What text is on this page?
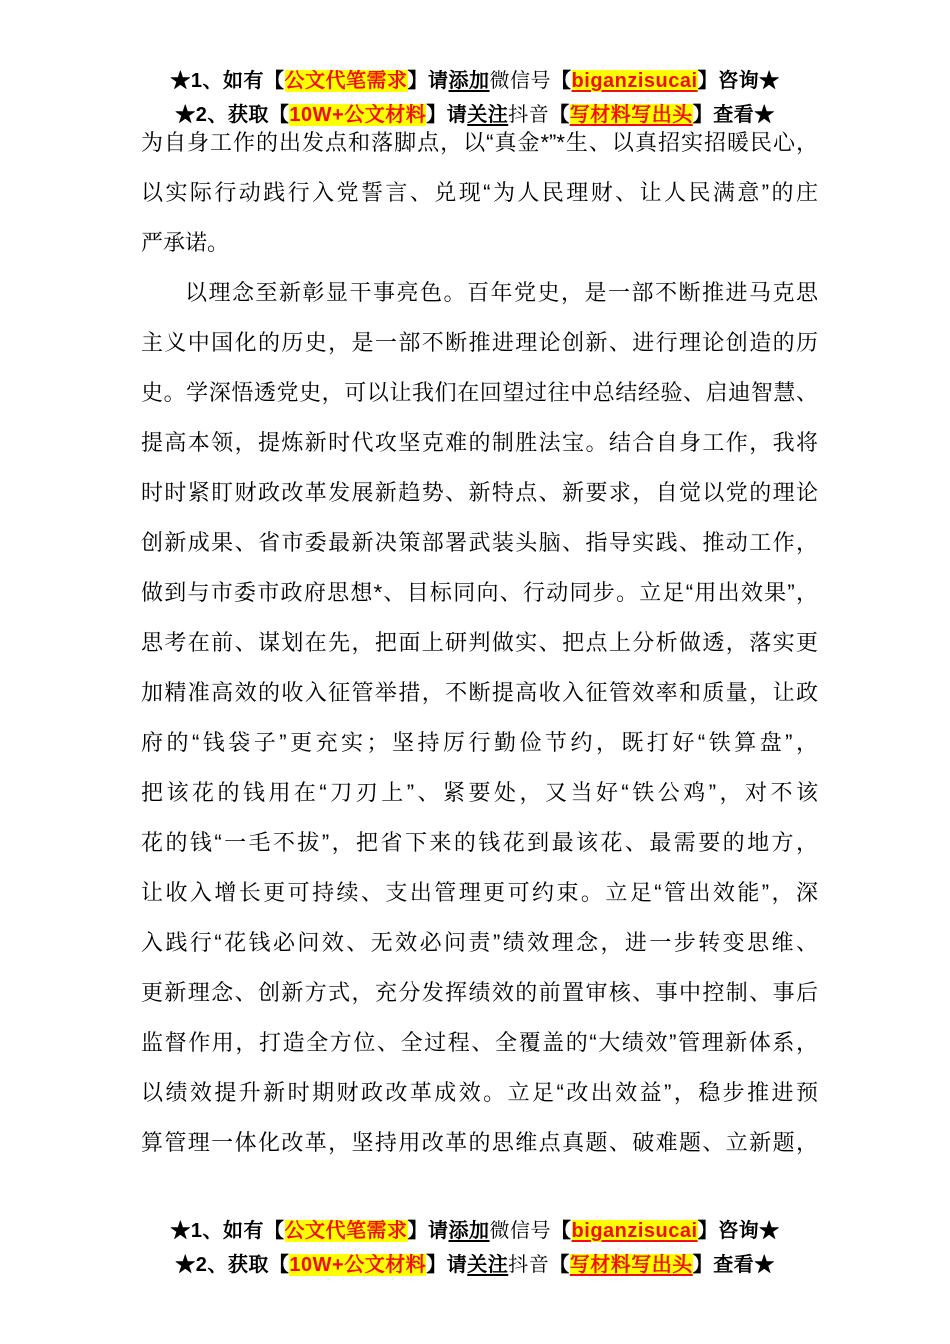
★1、如有【公文代笔需求】请添加微信号【biganzisucai】咨询★
★2、获取【10W+公文材料】请关注抖音【写材料写出头】查看★
为自身工作的出发点和落脚点，以“真金*”*生、以真招实招暖民心，
以实际行动践行入党誓言、兑现“为人民理财、让人民满意”的庄
严承诺。
以理念至新彰显干事亮色。百年党史，是一部不断推进马克思
主义中国化的历史，是一部不断推进理论创新、进行理论创造的历
史。学深悟透党史，可以让我们在回望过往中总结经验、启迪智慧、
提高本领，提炼新时代攻坚克难的制胜法宝。结合自身工作，我将
时时紧盯财政改革发展新趋势、新特点、新要求，自觉以党的理论
创新成果、省市委最新决策部署武装头脑、指导实践、推动工作，
做到与市委市政府思想*、目标同向、行动同步。立足“用出效果”，
思考在前、谋划在先，把面上研判做实、把点上分析做透，落实更
加精准高效的收入征管举措，不断提高收入征管效率和质量，让政
府的“钱袋子”更充实；坚持厉行勤俭节约，既打好“铁算盘”，
把该花的钱用在“刀刃上”、紧要处，又当好“铁公鸡”，对不该
花的钱“一毛不拔”，把省下来的钱花到最该花、最需要的地方，
让收入增长更可持续、支出管理更可约束。立足“管出效能”，深
入践行“花钱必问效、无效必问责”绩效理念，进一步转变思维、
更新理念、创新方式，充分发挥绩效的前置审核、事中控制、事后
监督作用，打造全方位、全过程、全覆盖的“大绩效”管理新体系，
以绩效提升新时期财政改革成效。立足“改出效益”，稳步推进预
算管理一体化改革，坚持用改革的思维点真题、破难题、立新题，
★1、如有【公文代笔需求】请添加微信号【biganzisucai】咨询★
★2、获取【10W+公文材料】请关注抖音【写材料写出头】查看★
